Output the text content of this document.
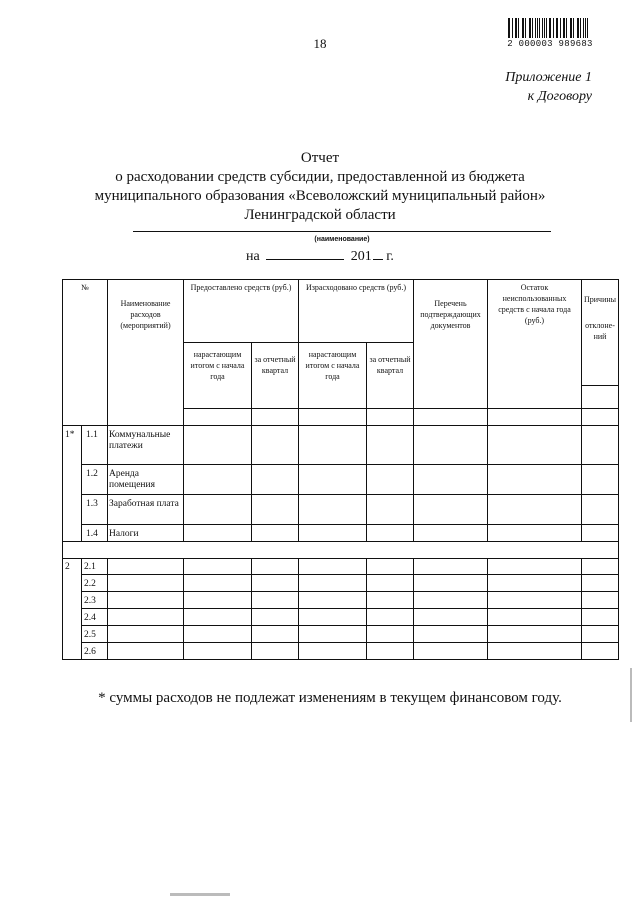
2 000003 989683
18
Приложение 1
к Договору
Отчет
о расходовании средств субсидии, предоставленной из бюджета
муниципального образования «Всеволожский муниципальный район»
Ленинградской области
(наименование)
на	201 г.
№
Наименование расходов (мероприятий)
Предоставлено средств (руб.)	Израсходовано средств (руб.)
Перечень подтверждающих документов
Остаток неиспользованных средств с начала года (руб.)
Причины
отклоне-ний
нарастающим итогом с начала года
за отчетный квартал
нарастающим итогом с начала года
за отчетный квартал
1* 1.1 Коммунальные платежи
1.2 Аренда помещения
1.3 Заработная плата
1.4 Налоги
2 2.1
2.2
2.3
2.4
2.5
2.6
* суммы расходов не подлежат изменениям в текущем финансовом году.
